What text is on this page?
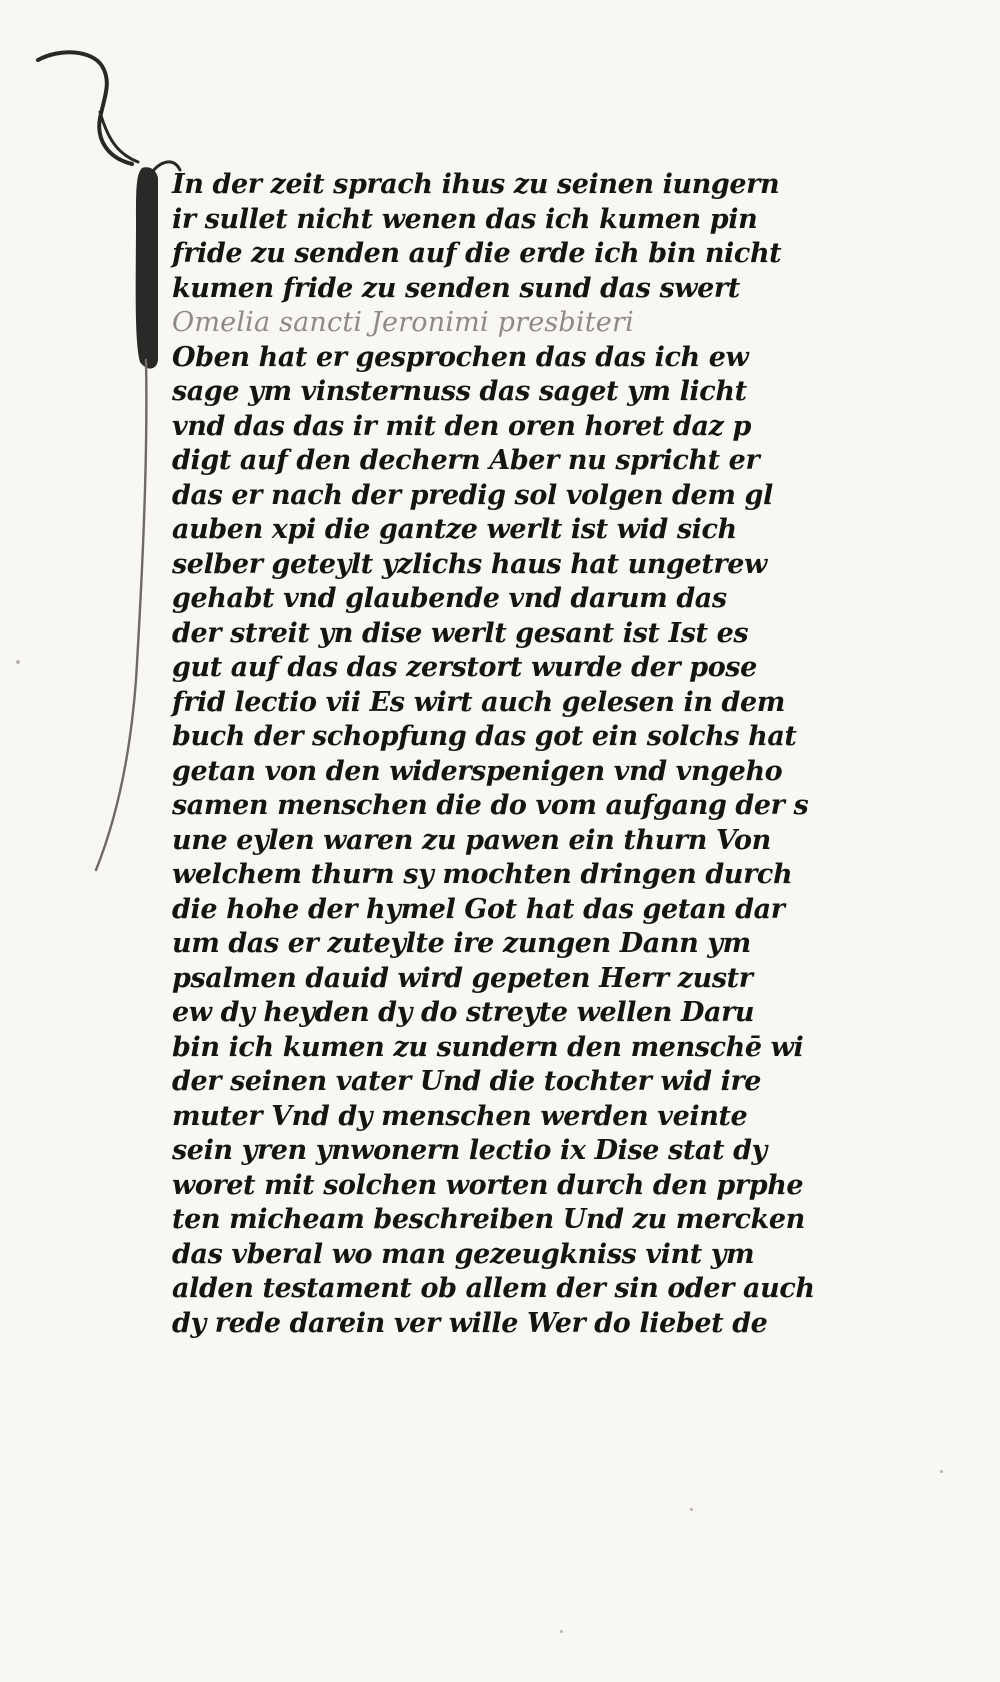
In der zeit sprach ihus zu seinen iungern
ir sullet nicht wenen das ich kumen pin
fride zu senden auf die erde ich bin nicht
kumen fride zu senden sund das swert
Omelia sancti Jeronimi presbiteri
Oben hat er gesprochen das das ich ew
sage ym vinsternuss das saget ym licht
vnd das das ir mit den oren horet daz p
digt auf den dechern Aber nu spricht er
das er nach der predig sol volgen dem gl
auben xpi die gantze werlt ist wid sich
selber geteylt yzlichs haus hat ungetrew
gehabt vnd glaubende vnd darum das
der streit yn dise werlt gesant ist Ist es
gut auf das das zerstort wurde der pose
frid lectio vii Es wirt auch gelesen in dem
buch der schopfung das got ein solchs hat
getan von den widerspenigen vnd vngeho
samen menschen die do vom aufgang der s
une eylen waren zu pawen ein thurn Von
welchem thurn sy mochten dringen durch
die hohe der hymel Got hat das getan dar
um das er zuteylte ire zungen Dann ym
psalmen dauid wird gepeten Herr zustr
ew dy heyden dy do streyte wellen Daru
bin ich kumen zu sundern den menschē wi
der seinen vater Und die tochter wid ire
muter Vnd dy menschen werden veinte
sein yren ynwonern lectio ix Dise stat dy
woret mit solchen worten durch den prphe
ten micheam beschreiben Und zu mercken
das vberal wo man gezeugkniss vint ym
alden testament ob allem der sin oder auch
dy rede darein ver wille Wer do liebet de
